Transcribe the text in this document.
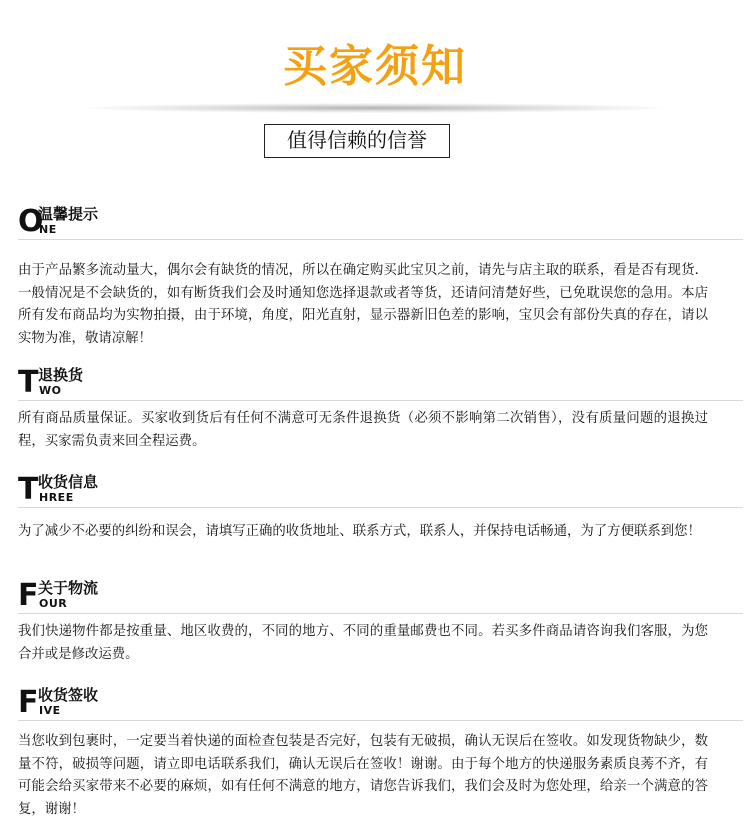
买家须知
值得信赖的信誉
O
温馨提示
NE
由于产品繁多流动量大，偶尔会有缺货的情况，所以在确定购买此宝贝之前，请先与店主取的联系，看是否有现货．一般情况是不会缺货的，如有断货我们会及时通知您选择退款或者等货，还请问清楚好些，已免耽误您的急用。本店所有发布商品均为实物拍摄，由于环境，角度，阳光直射，显示器新旧色差的影响，宝贝会有部份失真的存在，请以实物为准，敬请凉解！
T 退换货
WO
所有商品质量保证。买家收到货后有任何不满意可无条件退换货（必须不影响第二次销售），没有质量问题的退换过程，买家需负责来回全程运费。
T 收货信息
HREE
为了减少不必要的纠纷和误会，请填写正确的收货地址、联系方式，联系人，并保持电话畅通，为了方便联系到您！
F 关于物流
OUR
我们快递物件都是按重量、地区收费的，不同的地方、不同的重量邮费也不同。若买多件商品请咨询我们客服，为您合并或是修改运费。
F 收货签收
IVE
当您收到包裹时，一定要当着快递的面检查包装是否完好，包装有无破损，确认无误后在签收。如发现货物缺少，数量不符，破损等问题，请立即电话联系我们，确认无误后在签收！谢谢。由于每个地方的快递服务素质良莠不齐，有可能会给买家带来不必要的麻烦，如有任何不满意的地方，请您告诉我们，我们会及时为您处理，给亲一个满意的答复，谢谢！
